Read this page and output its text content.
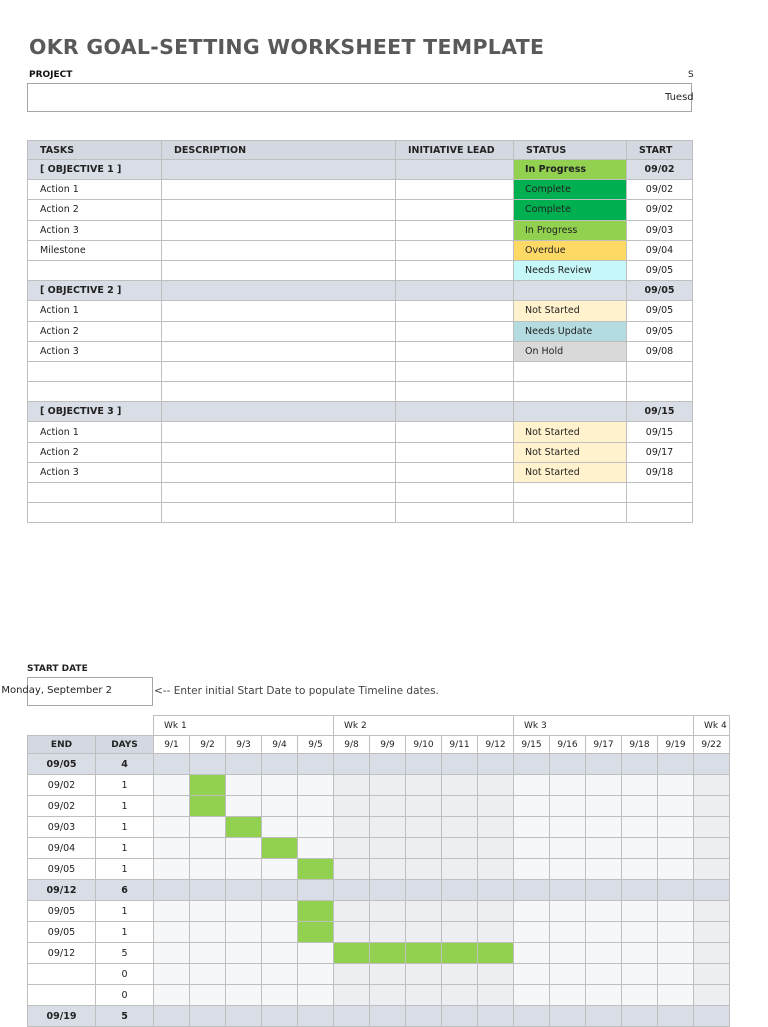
OKR GOAL-SETTING WORKSHEET TEMPLATE
PROJECT	S
Tuesd
TASKS	DESCRIPTION	INITIATIVE LEAD	STATUS	START
[ OBJECTIVE 1 ]			In Progress	09/02
Action 1			Complete	09/02
Action 2			Complete	09/02
Action 3			In Progress	09/03
Milestone			Overdue	09/04
			Needs Review	09/05
[ OBJECTIVE 2 ]				09/05
Action 1			Not Started	09/05
Action 2			Needs Update	09/05
Action 3			On Hold	09/08

[ OBJECTIVE 3 ]				09/15
Action 1			Not Started	09/15
Action 2			Not Started	09/17
Action 3			Not Started	09/18

START DATE
Monday, September 2	<-- Enter initial Start Date to populate Timeline dates.
		Wk 1					Wk 2					Wk 3					Wk 4
END	DAYS	9/1	9/2	9/3	9/4	9/5	9/8	9/9	9/10	9/11	9/12	9/15	9/16	9/17	9/18	9/19	9/22
09/05	4																
09/02	1																
09/02	1																
09/03	1																
09/04	1																
09/05	1																
09/12	6																
09/05	1																
09/05	1																
09/12	5																
	0																
	0																
09/19	5																
